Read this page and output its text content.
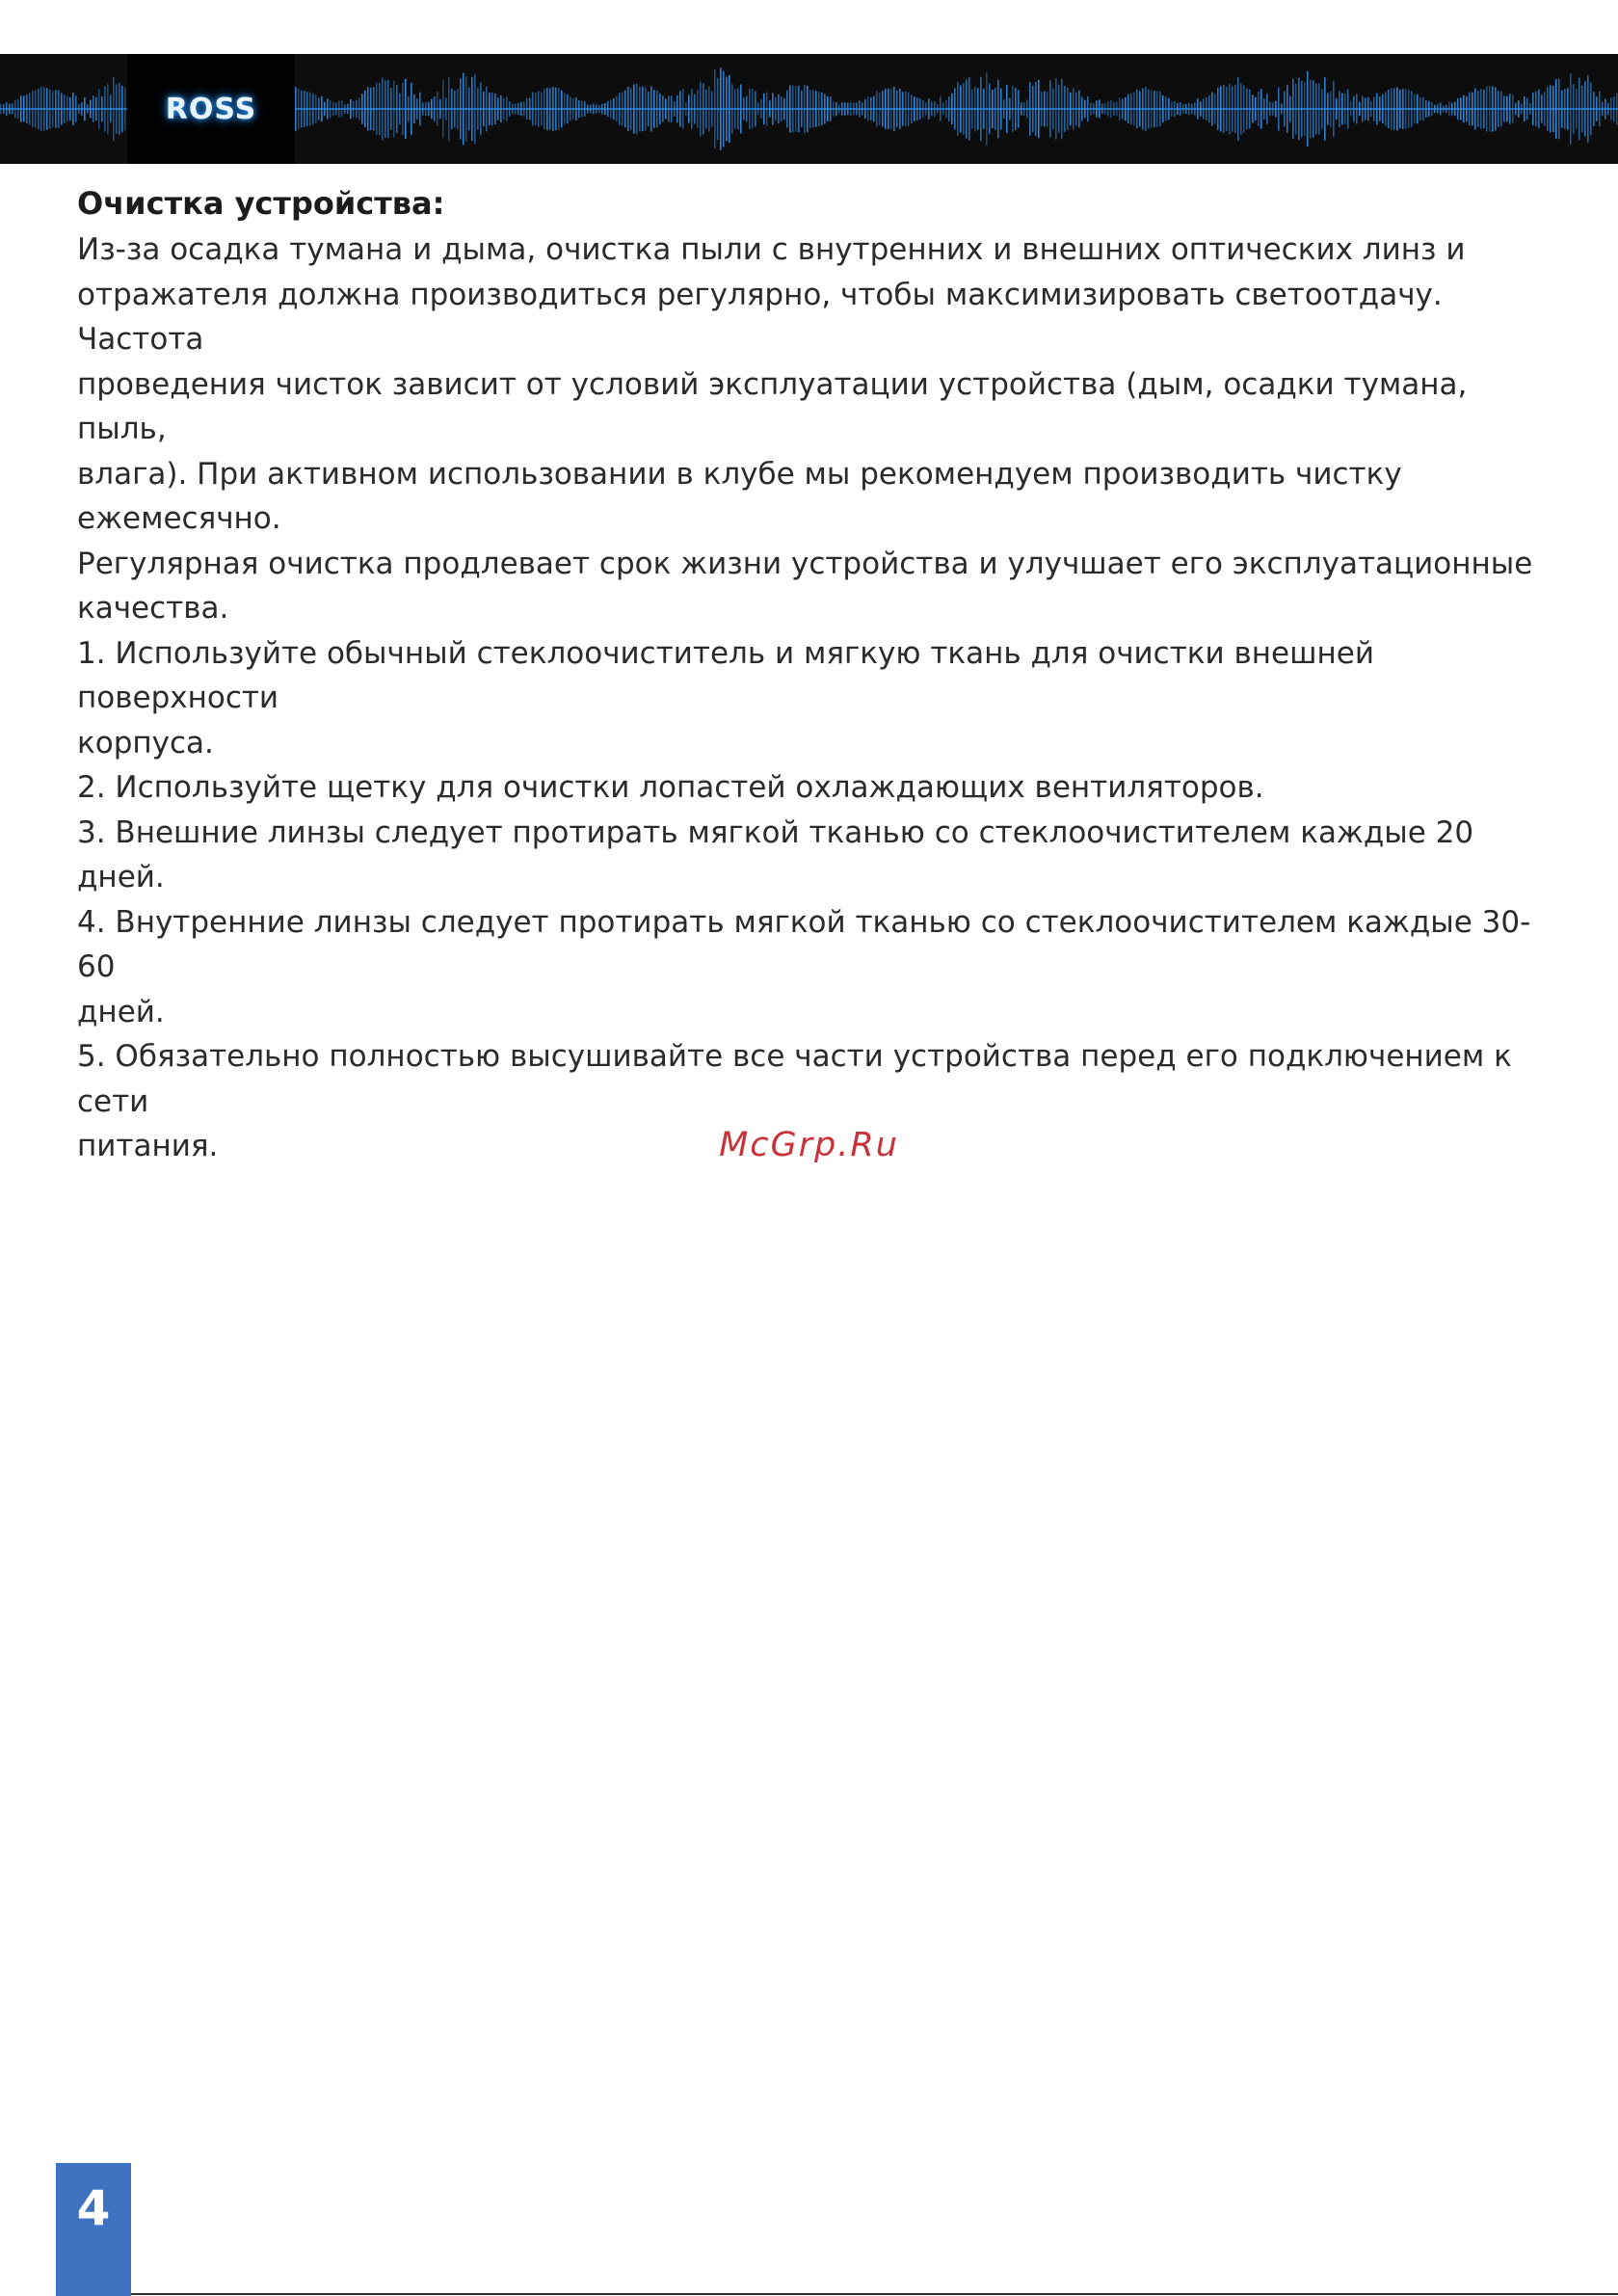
ROSS
Очистка устройства:

Из-за осадка тумана и дыма, очистка пыли с внутренних и внешних оптических линз и

отражателя должна производиться регулярно, чтобы максимизировать светоотдачу. Частота

проведения чисток зависит от условий эксплуатации устройства (дым, осадки тумана, пыль,

влага). При активном использовании в клубе мы рекомендуем производить чистку ежемесячно.

Регулярная очистка продлевает срок жизни устройства и улучшает его эксплуатационные

качества.

1. Используйте обычный стеклоочиститель и мягкую ткань для очистки внешней поверхности

корпуса.

2. Используйте щетку для очистки лопастей охлаждающих вентиляторов.

3. Внешние линзы следует протирать мягкой тканью со стеклоочистителем каждые 20 дней.

4. Внутренние линзы следует протирать мягкой тканью со стеклоочистителем каждые 30-60

дней.

5. Обязательно полностью высушивайте все части устройства перед его подключением к сети

питания.	McGrp.Ru
4
